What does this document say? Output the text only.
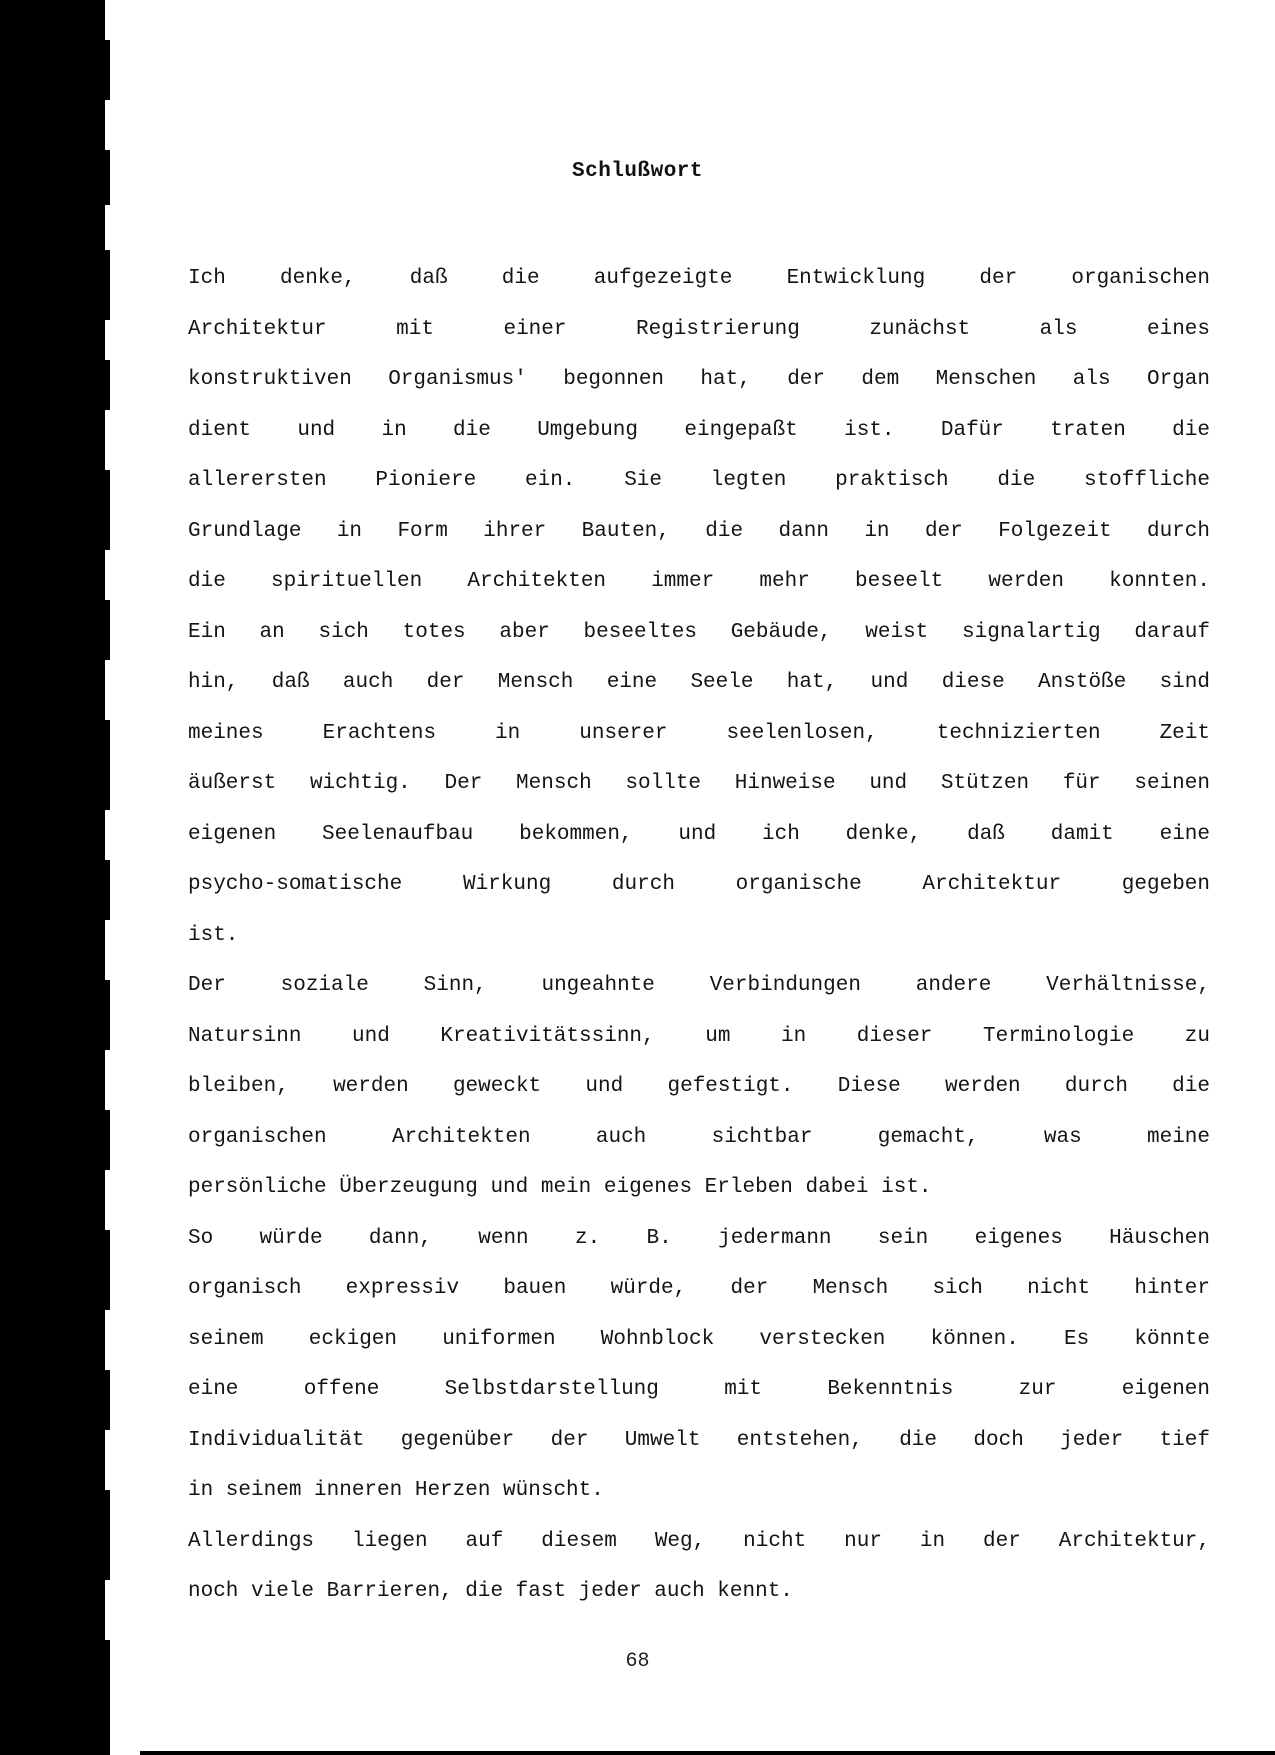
Schlußwort
Ich denke, daß die aufgezeigte Entwicklung der organischen
Architektur mit einer Registrierung zunächst als eines
konstruktiven Organismus' begonnen hat, der dem Menschen als Organ
dient und in die Umgebung eingepaßt ist. Dafür traten die
allerersten Pioniere ein. Sie legten praktisch die stoffliche
Grundlage in Form ihrer Bauten, die dann in der Folgezeit durch
die spirituellen Architekten immer mehr beseelt werden konnten.
Ein an sich totes aber beseeltes Gebäude, weist signalartig darauf
hin, daß auch der Mensch eine Seele hat, und diese Anstöße sind
meines Erachtens in unserer seelenlosen, technizierten Zeit
äußerst wichtig. Der Mensch sollte Hinweise und Stützen für seinen
eigenen Seelenaufbau bekommen, und ich denke, daß damit eine
psycho-somatische Wirkung durch organische Architektur gegeben
ist.
Der soziale Sinn, ungeahnte Verbindungen andere Verhältnisse,
Natursinn und Kreativitätssinn, um in dieser Terminologie zu
bleiben, werden geweckt und gefestigt. Diese werden durch die
organischen Architekten auch sichtbar gemacht, was meine
persönliche Überzeugung und mein eigenes Erleben dabei ist.
So würde dann, wenn z. B. jedermann sein eigenes Häuschen
organisch expressiv bauen würde, der Mensch sich nicht hinter
seinem eckigen uniformen Wohnblock verstecken können. Es könnte
eine offene Selbstdarstellung mit Bekenntnis zur eigenen
Individualität gegenüber der Umwelt entstehen, die doch jeder tief
in seinem inneren Herzen wünscht.
Allerdings liegen auf diesem Weg, nicht nur in der Architektur,
noch viele Barrieren, die fast jeder auch kennt.
68
